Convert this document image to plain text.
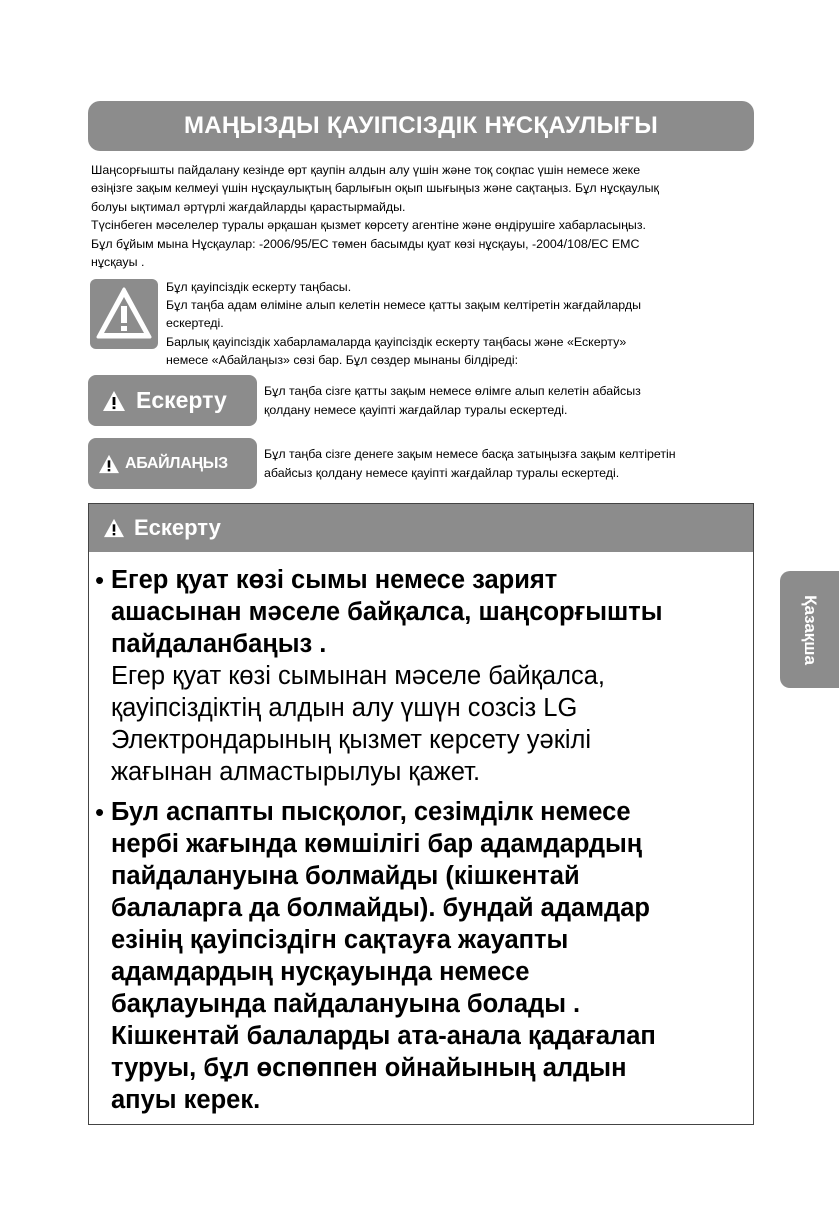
МАҢЫЗДЫ ҚАУІПСІЗДІК НҰСҚАУЛЫҒЫ

Шаңсорғышты пайдалану кезінде өрт қаупін алдын алу үшін және тоқ соқпас үшін немесе жеке

өзіңізге зақым келмеуі үшін нұсқаулықтың барлығын оқып шығыңыз және сақтаңыз. Бұл нұсқаулық

болуы ықтимал әртүрлі жағдайларды қарастырмайды.

Түсінбеген мәселелер туралы әрқашан қызмет көрсету агентіне және өндірушіге хабарласыңыз.

Бұл бұйым мына Нұсқаулар: -2006/95/EC төмен басымды қуат көзі нұсқауы, -2004/108/EC EMC

нұсқауы .

Бұл қауіпсіздік ескерту таңбасы.

Бұл таңба адам өліміне алып келетін немесе қатты зақым келтіретін жағдайларды

ескертеді.

Барлық қауіпсіздік хабарламаларда қауіпсіздік ескерту таңбасы және «Ескерту»

немесе «Абайлаңыз» сөзі бар. Бұл сөздер мынаны білдіреді:

Ескерту	Бұл таңба сізге қатты зақым немесе өлімге алып келетін абайсыз
қолдану немесе қауіпті жағдайлар туралы ескертеді.
АБАЙЛАҢЫЗ
Бұл таңба сізге денеге зақым немесе басқа затыңызға зақым келтіретін
абайсыз қолдану немесе қауіпті жағдайлар туралы ескертеді.
Ескерту
• Егер қуат көзі сымы немесе зарият
ашасынан мәселе байқалса, шаңсорғышты
пайдаланбаңыз .
Егер қуат көзі сымынан мәселе байқалса,
қауіпсіздіктің алдын алу үшүн созсіз LG
Электрондарының қызмет керсету уәкілі
жағынан алмастырылуы қажет.
• Бул аспапты пысқолог, сезімділк немесе
нербі жағында көмшілігі бар адамдардың
пайдалануына болмайды (кішкентай
балаларга да болмайды). бундай адамдар
езінің қауіпсіздігн сақтауға жауапты
адамдардың нусқауында немесе
бақлауында пайдалануына болады .
Кішкентай балаларды ата-анала қадағалап
туруы, бұл өспөппен ойнайының алдын
апуы керек.
Қазақша
